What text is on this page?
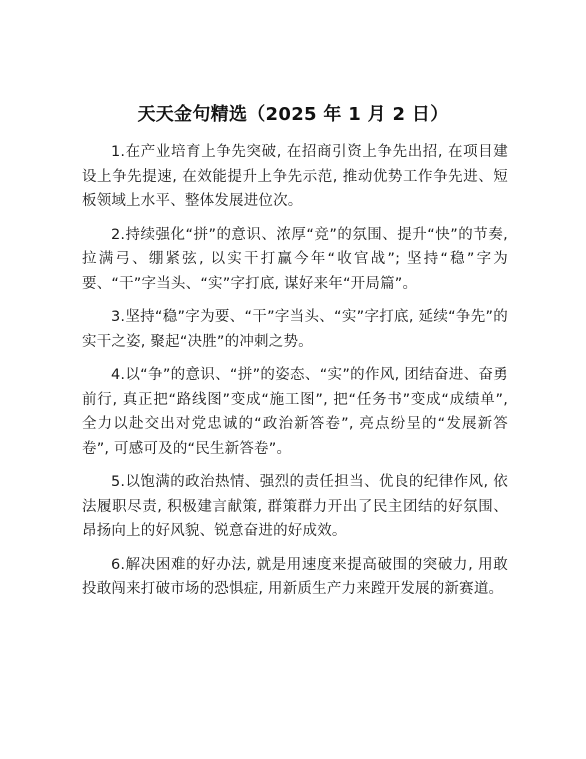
天天金句精选（2025 年 1 月 2 日）

1.在产业培育上争先突破, 在招商引资上争先出招, 在项目建设上争先提速, 在效能提升上争先示范, 推动优势工作争先进、短板领域上水平、整体发展进位次。

2.持续强化“拼”的意识、浓厚“竞”的氛围、提升“快”的节奏, 拉满弓、绷紧弦, 以实干打赢今年“收官战”; 坚持“稳”字为要、“干”字当头、“实”字打底, 谋好来年“开局篇”。

3.坚持“稳”字为要、“干”字当头、“实”字打底, 延续“争先”的实干之姿, 聚起“决胜”的冲刺之势。

4.以“争”的意识、“拼”的姿态、“实”的作风, 团结奋进、奋勇前行, 真正把“路线图”变成“施工图”, 把“任务书”变成“成绩单”, 全力以赴交出对党忠诚的“政治新答卷”, 亮点纷呈的“发展新答卷”, 可感可及的“民生新答卷”。

5.以饱满的政治热情、强烈的责任担当、优良的纪律作风, 依法履职尽责, 积极建言献策, 群策群力开出了民主团结的好氛围、昂扬向上的好风貌、锐意奋进的好成效。

6.解决困难的好办法, 就是用速度来提高破围的突破力, 用敢投敢闯来打破市场的恐惧症, 用新质生产力来蹚开发展的新赛道。
